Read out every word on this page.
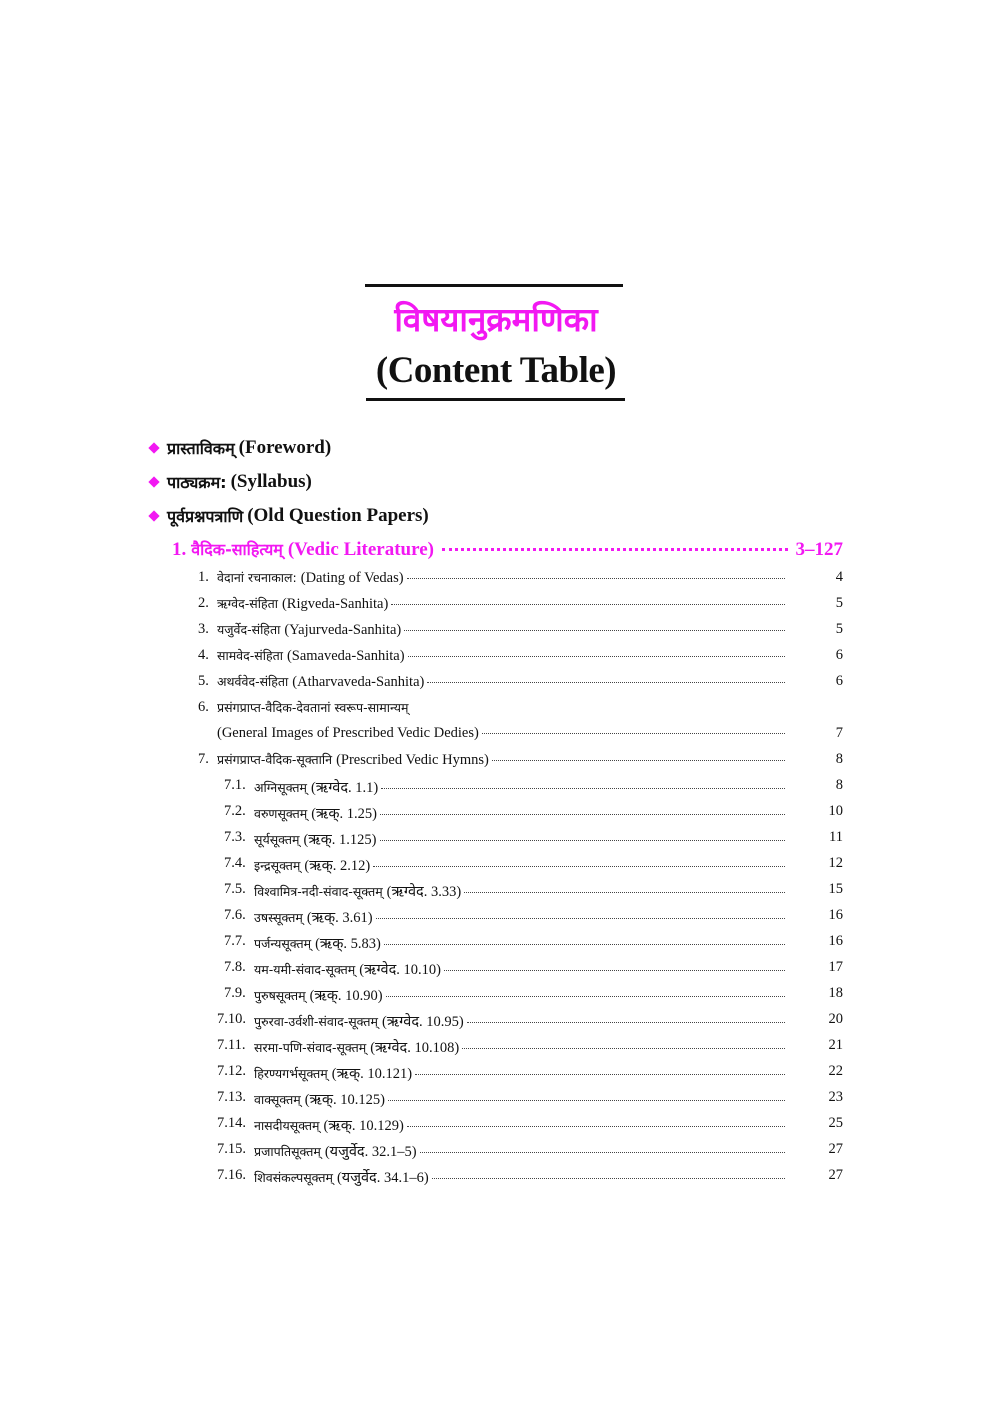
विषयानुक्रमणिका
(Content Table)
प्रास्ताविकम् (Foreword)
पाठ्यक्रम: (Syllabus)
पूर्वप्रश्नपत्राणि (Old Question Papers)
1. वैदिक-साहित्यम् (Vedic Literature)	3–127
1. वेदानां रचनाकाल: (Dating of Vedas)	4
2. ऋग्वेद-संहिता (Rigveda-Sanhita)	5
3. यजुर्वेद-संहिता (Yajurveda-Sanhita)	5
4. सामवेद-संहिता (Samaveda-Sanhita)	6
5. अथर्ववेद-संहिता (Atharvaveda-Sanhita)	6
6. प्रसंगप्राप्त-वैदिक-देवतानां स्वरूप-सामान्यम्
(General Images of Prescribed Vedic Dedies)	7
7. प्रसंगप्राप्त-वैदिक-सूक्तानि (Prescribed Vedic Hymns)	8
7.1. अग्निसूक्तम् (ऋग्वेद. 1.1)	8
7.2. वरुणसूक्तम् (ऋक्. 1.25)	10
7.3. सूर्यसूक्तम् (ऋक्. 1.125)	11
7.4. इन्द्रसूक्तम् (ऋक्. 2.12)	12
7.5. विश्वामित्र-नदी-संवाद-सूक्तम् (ऋग्वेद. 3.33)	15
7.6. उषस्सूक्तम् (ऋक्. 3.61)	16
7.7. पर्जन्यसूक्तम् (ऋक्. 5.83)	16
7.8. यम-यमी-संवाद-सूक्तम् (ऋग्वेद. 10.10)	17
7.9. पुरुषसूक्तम् (ऋक्. 10.90)	18
7.10. पुरुरवा-उर्वशी-संवाद-सूक्तम् (ऋग्वेद. 10.95)	20
7.11. सरमा-पणि-संवाद-सूक्तम् (ऋग्वेद. 10.108)	21
7.12. हिरण्यगर्भसूक्तम् (ऋक्. 10.121)	22
7.13. वाक्सूक्तम् (ऋक्. 10.125)	23
7.14. नासदीयसूक्तम् (ऋक्. 10.129)	25
7.15. प्रजापतिसूक्तम् (यजुर्वेद. 32.1–5)	27
7.16. शिवसंकल्पसूक्तम् (यजुर्वेद. 34.1–6)	27
